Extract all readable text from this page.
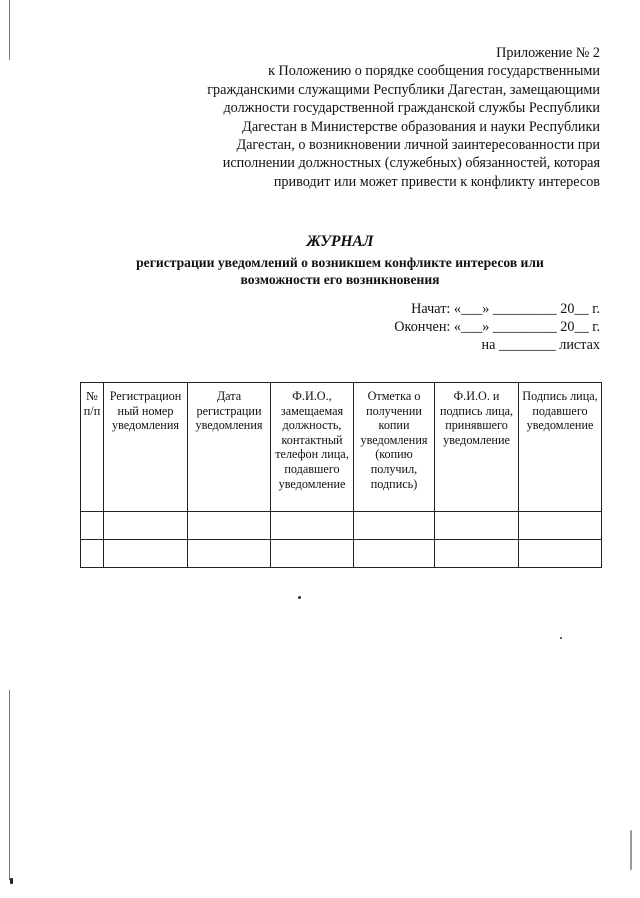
Приложение № 2
к Положению о порядке сообщения государственными
гражданскими служащими Республики Дагестан, замещающими
должности государственной гражданской службы Республики
Дагестан в Министерстве образования и науки Республики
Дагестан, о возникновении личной заинтересованности при
исполнении должностных (служебных) обязанностей, которая
приводит или может привести к конфликту интересов
ЖУРНАЛ
регистрации уведомлений о возникшем конфликте интересов или
возможности его возникновения
Начат: «___» _________ 20__ г.
Окончен: «___» _________ 20__ г.
на ________ листах
№ п/п	Регистрацион ный номер уведомления	Дата регистрации уведомления	Ф.И.О., замещаемая должность, контактный телефон лица, подавшего уведомление	Отметка о получении копии уведомления (копию получил, подпись)	Ф.И.О. и подпись лица, принявшего уведомление	Подпись лица, подавшего уведомление
